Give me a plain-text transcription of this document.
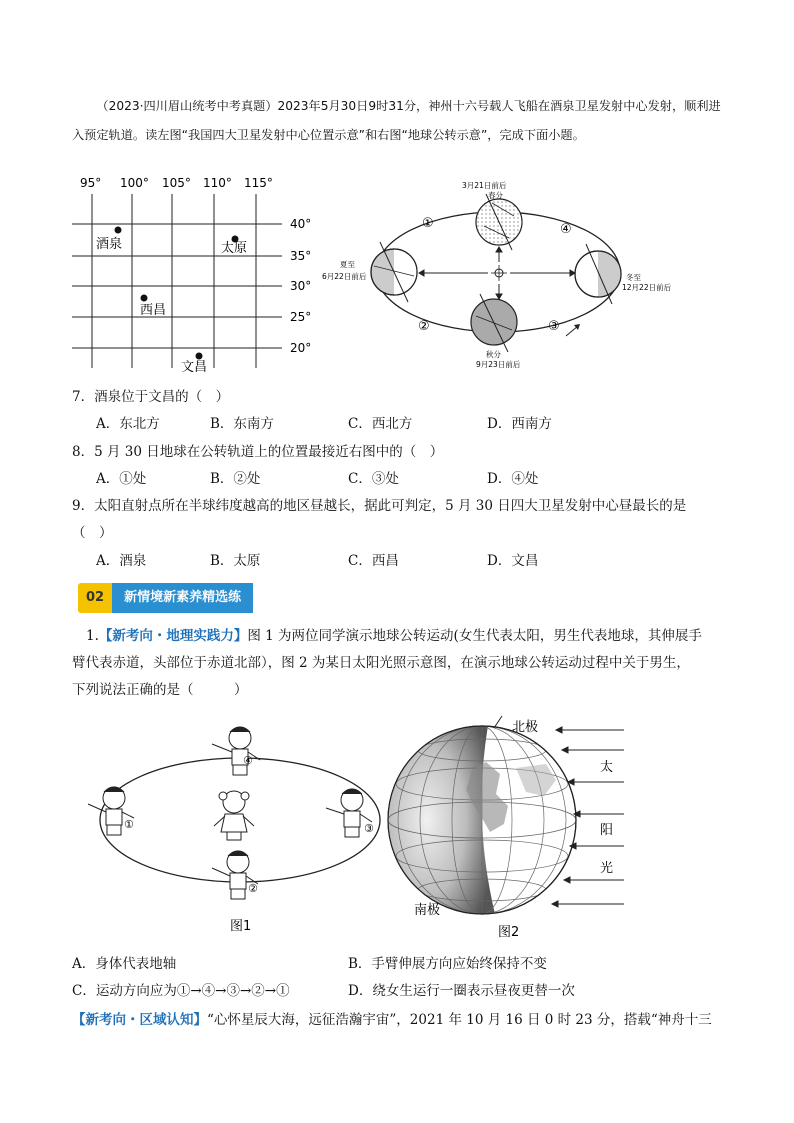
（2023·四川眉山统考中考真题）2023年5月30日9时31分，神州十六号载人飞船在酒泉卫星发射中心发射，顺利进入预定轨道。读左图“我国四大卫星发射中心位置示意”和右图“地球公转示意”，完成下面小题。
95° 100° 105° 110° 115°
40°
35°
30°
25°
20°
酒泉	太原
西昌
文昌
3月21日前后
春分
夏至
6月22日前后	冬至
12月22日前后
秋分
9月23日前后
①
②	③
④
7．酒泉位于文昌的（　）
A．东北方	B．东南方	C．西北方	D．西南方
8．5 月 30 日地球在公转轨道上的位置最接近右图中的（　）
A．①处	B．②处	C．③处	D．④处
9．太阳直射点所在半球纬度越高的地区昼越长，据此可判定，5 月 30 日四大卫星发射中心昼最长的是
（　）
A．酒泉	B．太原	C．西昌	D．文昌
02 新情境新素养精选练
1.【新考向・地理实践力】图 1 为两位同学演示地球公转运动(女生代表太阳，男生代表地球，其伸展手
臂代表赤道，头部位于赤道北部），图 2 为某日太阳光照示意图，在演示地球公转运动过程中关于男生，
下列说法正确的是（　　　）
④
①	③
②
图1
北极
南极
太
阳
光
图2
A．身体代表地轴	B．手臂伸展方向应始终保持不变
C．运动方向应为①→④→③→②→①	D．绕女生运行一圈表示昼夜更替一次
【新考向・区域认知】“心怀星辰大海，远征浩瀚宇宙”，2021 年 10 月 16 日 0 时 23 分，搭载“神舟十三
